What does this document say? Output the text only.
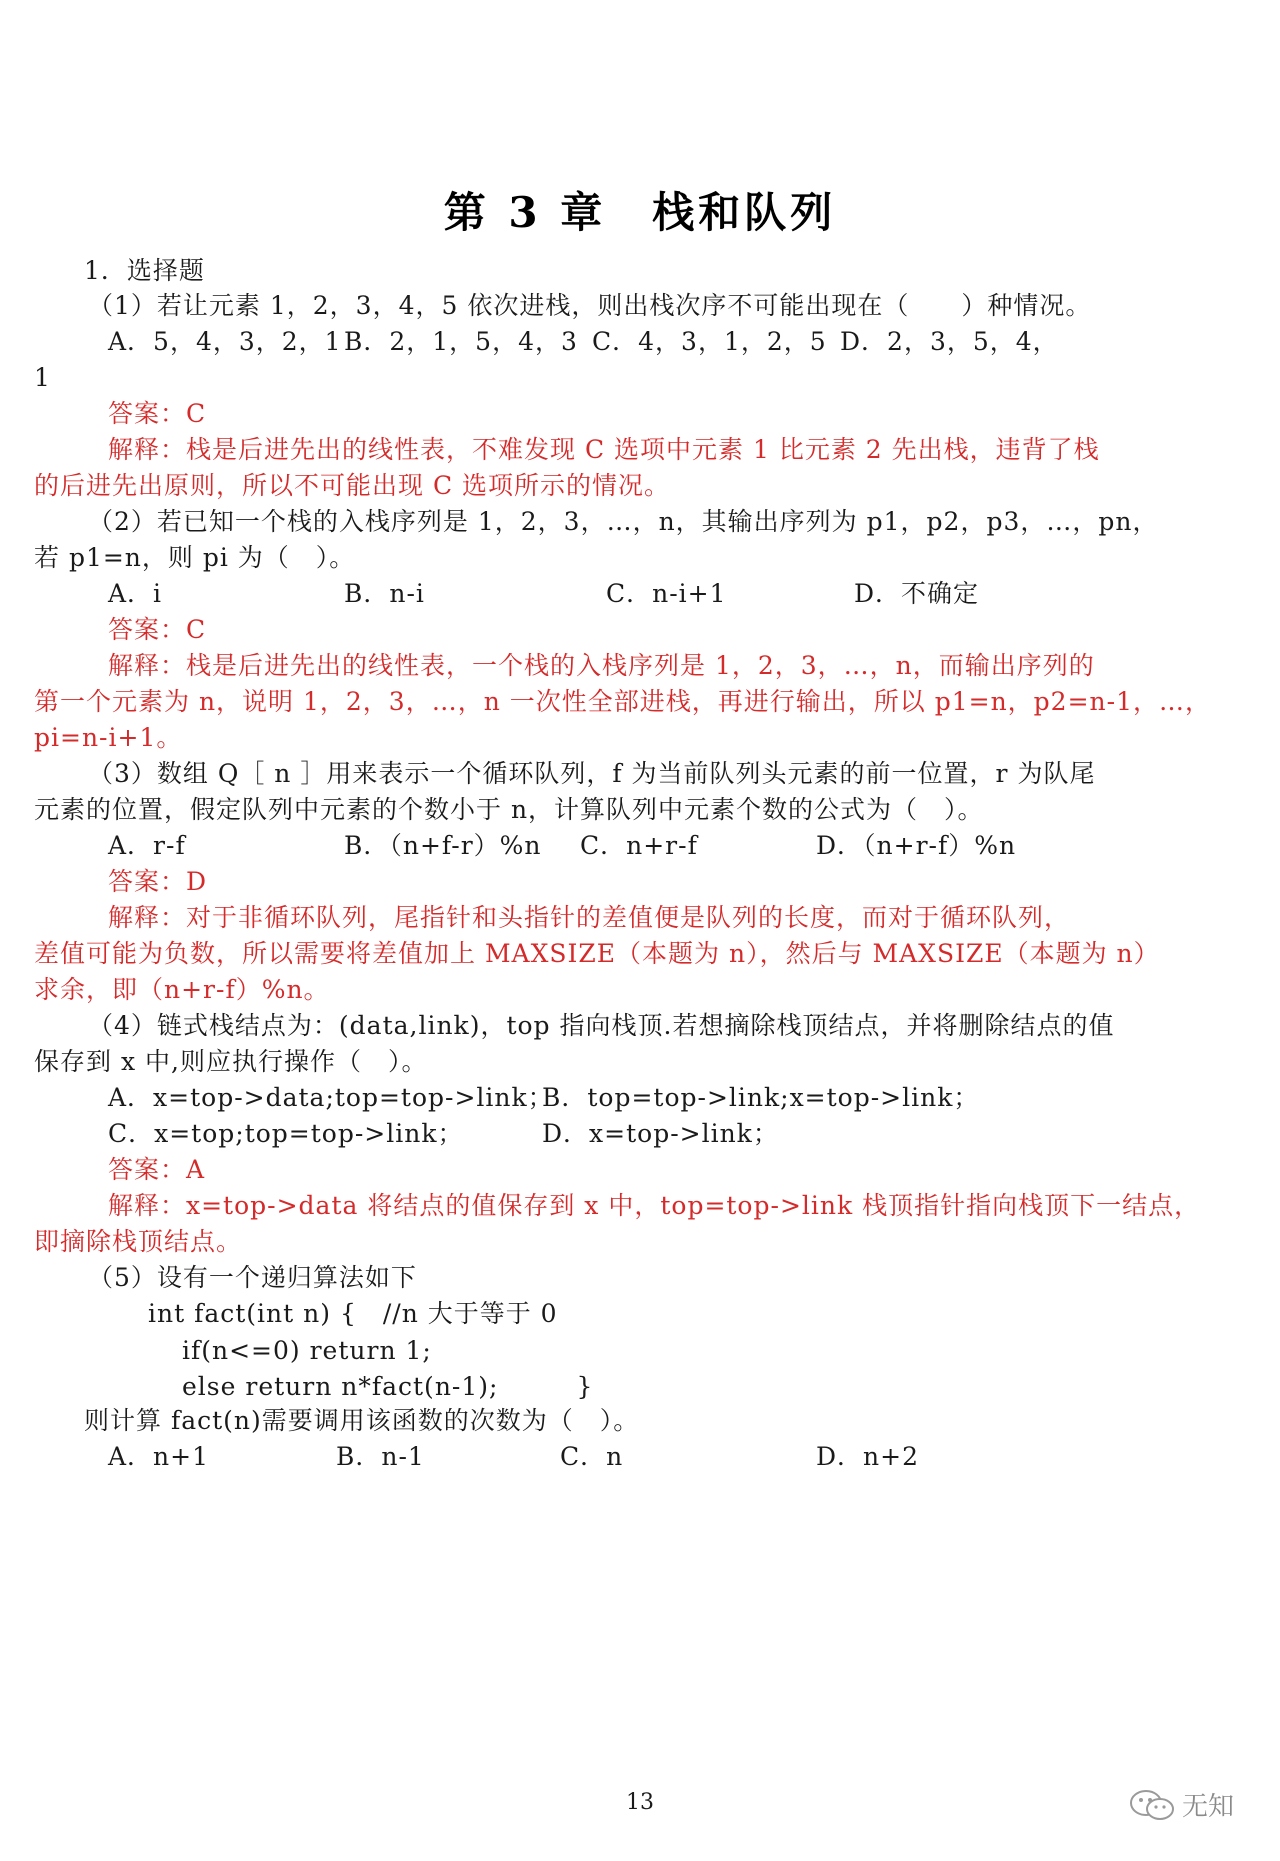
第 3 章　栈和队列
1．选择题
（1）若让元素 1，2，3，4，5 依次进栈，则出栈次序不可能出现在（　　）种情况。
A．5，4，3，2，1 B．2，1，5，4，3 C．4，3，1，2，5 D．2，3，5，4，
1
答案：C
解释：栈是后进先出的线性表，不难发现 C 选项中元素 1 比元素 2 先出栈，违背了栈
的后进先出原则，所以不可能出现 C 选项所示的情况。
（2）若已知一个栈的入栈序列是 1，2，3，…，n，其输出序列为 p1，p2，p3，…，pn，
若 p1=n，则 pi 为（　）。
A．i	B．n-i	C．n-i+1	D．不确定
答案：C
解释：栈是后进先出的线性表，一个栈的入栈序列是 1，2，3，…，n，而输出序列的
第一个元素为 n，说明 1，2，3，…，n 一次性全部进栈，再进行输出，所以 p1=n，p2=n-1，…，
pi=n-i+1。
（3）数组 Q［ n ］用来表示一个循环队列，f 为当前队列头元素的前一位置，r 为队尾
元素的位置，假定队列中元素的个数小于 n，计算队列中元素个数的公式为（　）。
A．r-f	B．（n+f-r）%n C．n+r-f	D．（n+r-f）%n
答案：D
解释：对于非循环队列，尾指针和头指针的差值便是队列的长度，而对于循环队列，
差值可能为负数，所以需要将差值加上 MAXSIZE（本题为 n），然后与 MAXSIZE（本题为 n）
求余，即（n+r-f）%n。
（4）链式栈结点为：(data,link)，top 指向栈顶.若想摘除栈顶结点，并将删除结点的值
保存到 x 中,则应执行操作（　）。
A．x=top->data;top=top->link；
B．top=top->link;x=top->link；
C．x=top;top=top->link；	D．x=top->link；
答案：A
解释：x=top->data 将结点的值保存到 x 中，top=top->link 栈顶指针指向栈顶下一结点，
即摘除栈顶结点。
（5）设有一个递归算法如下
int fact(int n) {　//n 大于等于 0
if(n<=0) return 1;
else return n*fact(n-1);　　　}
则计算 fact(n)需要调用该函数的次数为（　）。
A．n+1	B．n-1	C．n	D．n+2
13	无知
